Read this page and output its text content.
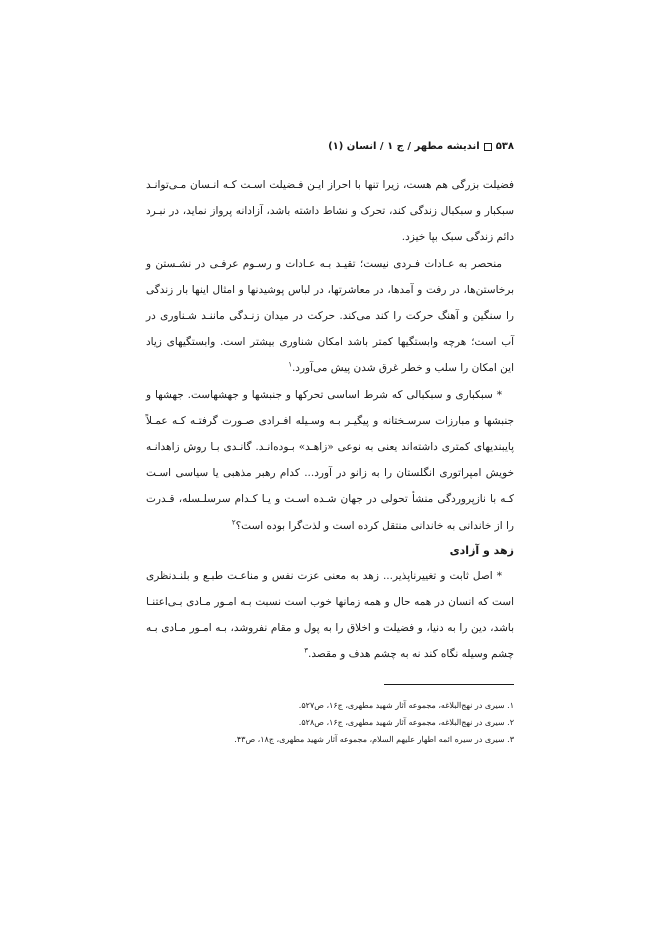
۵۳۸
اندیشه مطهر / ج ۱ / انسان (۱)

فضیلت بزرگی هم هست، زیرا تنها با احراز ایـن فـضیلت اسـت کـه انـسان مـی‌توانـد سبکبار و سبکبال زندگی کند، تحرک و نشاط داشته باشد، آزادانه پرواز نماید، در نبـرد دائم زندگی سبک بپا خیزد.

منحصر به عـادات فـردی نیست؛ تقیـد بـه عـادات و رسـوم عرفـی در نشـستن و برخاستن‌ها، در رفت و آمدها، در معاشرتها، در لباس پوشیدنها و امثال اینها بار زندگی را سنگین و آهنگ حرکت را کند می‌کند. حرکت در میدان زنـدگی ماننـد شـناوری در آب است؛ هرچه وابستگیها کمتر باشد امکان شناوری بیشتر است. وابستگیهای زیاد این امکان را سلب و خطر غرق شدن پیش می‌آورد.$^۱$

* سبکباری و سبکبالی که شرط اساسی تحرکها و جنبشها و جهشهاست. جهشها و جنبشها و مبارزات سرسـختانه و پیگیـر بـه وسـیله افـرادی صـورت گرفتـه کـه عمـلاً پایبندیهای کمتری داشته‌اند یعنی به نوعی «زاهـد» بـوده‌انـد. گانـدی بـا روش زاهدانـه خویش امپراتوری انگلستان را به زانو در آورد... کدام رهبر مذهبی یا سیاسی اسـت کـه با نازپروردگی منشأ تحولی در جهان شـده اسـت و یـا کـدام سرسلـسله، قـدرت را از خاندانی به خاندانی منتقل کرده است و لذت‌گرا بوده است؟$^۲$

زهد و آزادی

* اصل ثابت و تغییرناپذیر... زهد به معنی عزت نفس و مناعـت طبـع و بلنـدنظری است که انسان در همه حال و همه زمانها خوب است نسبت بـه امـور مـادی بـی‌اعتنـا باشد، دین را به دنیا، و فضیلت و اخلاق را به پول و مقام نفروشد، بـه امـور مـادی بـه چشم وسیله نگاه کند نه به چشم هدف و مقصد.$^۳$

۱. سیری در نهج‌البلاغه، مجموعه آثار شهید مطهری، ج۱۶، ص۵۲۷.

۲. سیری در نهج‌البلاغه، مجموعه آثار شهید مطهری، ج۱۶، ص۵۲۸.

۳. سیری در سیره ائمه اطهار علیهم السلام، مجموعه آثار شهید مطهری، ج۱۸، ص۴۳.
